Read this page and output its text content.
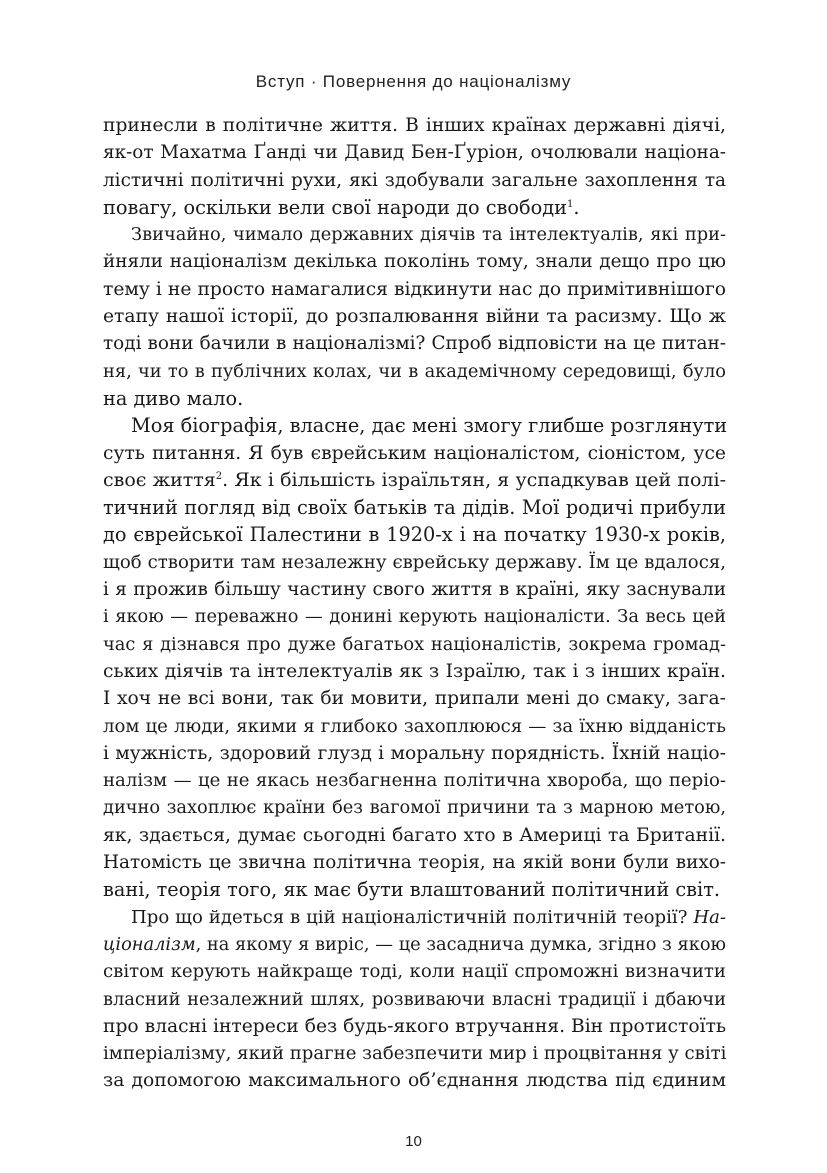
Вступ · Повернення до націоналізму
принесли в політичне життя. В інших країнах державні діячі,
як-от Махатма Ґанді чи Давид Бен-Ґуріон, очолювали націона-
лістичні політичні рухи, які здобували загальне захоплення та
повагу, оскільки вели свої народи до свободи$^1$.
Звичайно, чимало державних діячів та інтелектуалів, які при-
йняли націоналізм декілька поколінь тому, знали дещо про цю
тему і не просто намагалися відкинути нас до примітивнішого
етапу нашої історії, до розпалювання війни та расизму. Що ж
тоді вони бачили в націоналізмі? Спроб відповісти на це питан-
ня, чи то в публічних колах, чи в академічному середовищі, було
на диво мало.
Моя біографія, власне, дає мені змогу глибше розглянути
суть питання. Я був єврейським націоналістом, сіоністом, усе
своє життя$^2$. Як і більшість ізраїльтян, я успадкував цей полі-
тичний погляд від своїх батьків та дідів. Мої родичі прибули
до єврейської Палестини в 1920-х і на початку 1930-х років,
щоб створити там незалежну єврейську державу. Їм це вдалося,
і я прожив більшу частину свого життя в країні, яку заснували
і якою — переважно — донині керують націоналісти. За весь цей
час я дізнався про дуже багатьох націоналістів, зокрема громад-
ських діячів та інтелектуалів як з Ізраїлю, так і з інших країн.
І хоч не всі вони, так би мовити, припали мені до смаку, зага-
лом це люди, якими я глибоко захоплююся — за їхню відданість
і мужність, здоровий глузд і моральну порядність. Їхній націо-
налізм — це не якась незбагненна політична хвороба, що періо-
дично захоплює країни без вагомої причини та з марною метою,
як, здається, думає сьогодні багато хто в Америці та Британії.
Натомість це звична політична теорія, на якій вони були вихо-
вані, теорія того, як має бути влаштований політичний світ.
Про що йдеться в цій націоналістичній політичній теорії? На-
ціоналізм, на якому я виріс, — це засаднича думка, згідно з якою
світом керують найкраще тоді, коли нації спроможні визначити
власний незалежний шлях, розвиваючи власні традиції і дбаючи
про власні інтереси без будь-якого втручання. Він протистоїть
імперіалізму, який прагне забезпечити мир і процвітання у світі
за допомогою максимального об’єднання людства під єдиним
10
